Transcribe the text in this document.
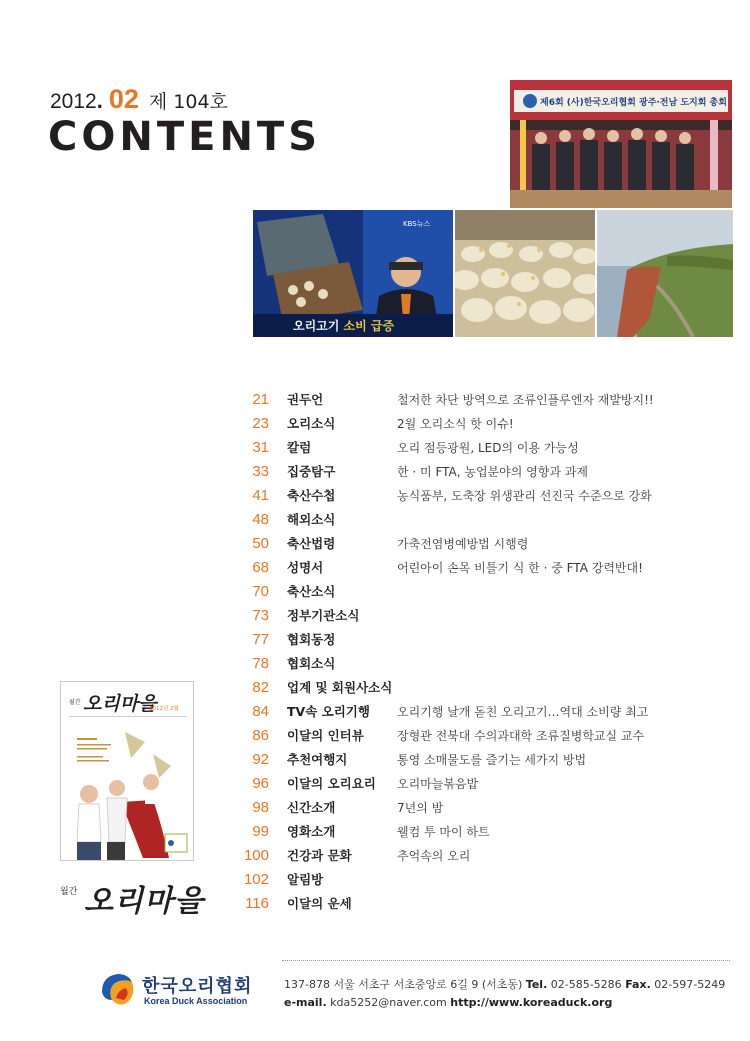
2012 . 02 제 104호
CONTENTS
제6회 (사)한국오리협회 광주·전남 도지회 총회
KBS뉴스
오리고기 소비 급증
21 권두언	철저한 차단 방역으로 조류인플루엔자 재발방지!!
23 오리소식	2월 오리소식 핫 이슈!
31 칼럼	오리 점등광원, LED의 이용 가능성
33 집중탐구	한 · 미 FTA, 농업분야의 영향과 과제
41 축산수첩	농식품부, 도축장 위생관리 선진국 수준으로 강화
48 해외소식
50 축산법령	가축전염병예방법 시행령
68 성명서	어린아이 손목 비틀기 식 한 · 중 FTA 강력반대!
70 축산소식
73 정부기관소식
77 협회동정
78 협회소식
82 업계 및 회원사소식
84 TV속 오리기행	오리기행 날개 돋친 오리고기…역대 소비량 최고
86 이달의 인터뷰	장형관 전북대 수의과대학 조류질병학교실 교수
92 추천여행지	통영 소매물도를 즐기는 세가지 방법
96 이달의 오리요리	오리마늘볶음밥
98 신간소개	7년의 밤
99 영화소개	웰컴 투 마이 하트
100 건강과 문화	추억속의 오리
102 알림방
116 이달의 운세
월간 오리마을
2012년 2월
월간 오리마을
한국오리협회
Korea Duck Association
137-878 서울 서초구 서초중앙로 6길 9 (서초동) Tel. 02-585-5286 Fax. 02-597-5249
e-mail. kda5252@naver.com http://www.koreaduck.org
